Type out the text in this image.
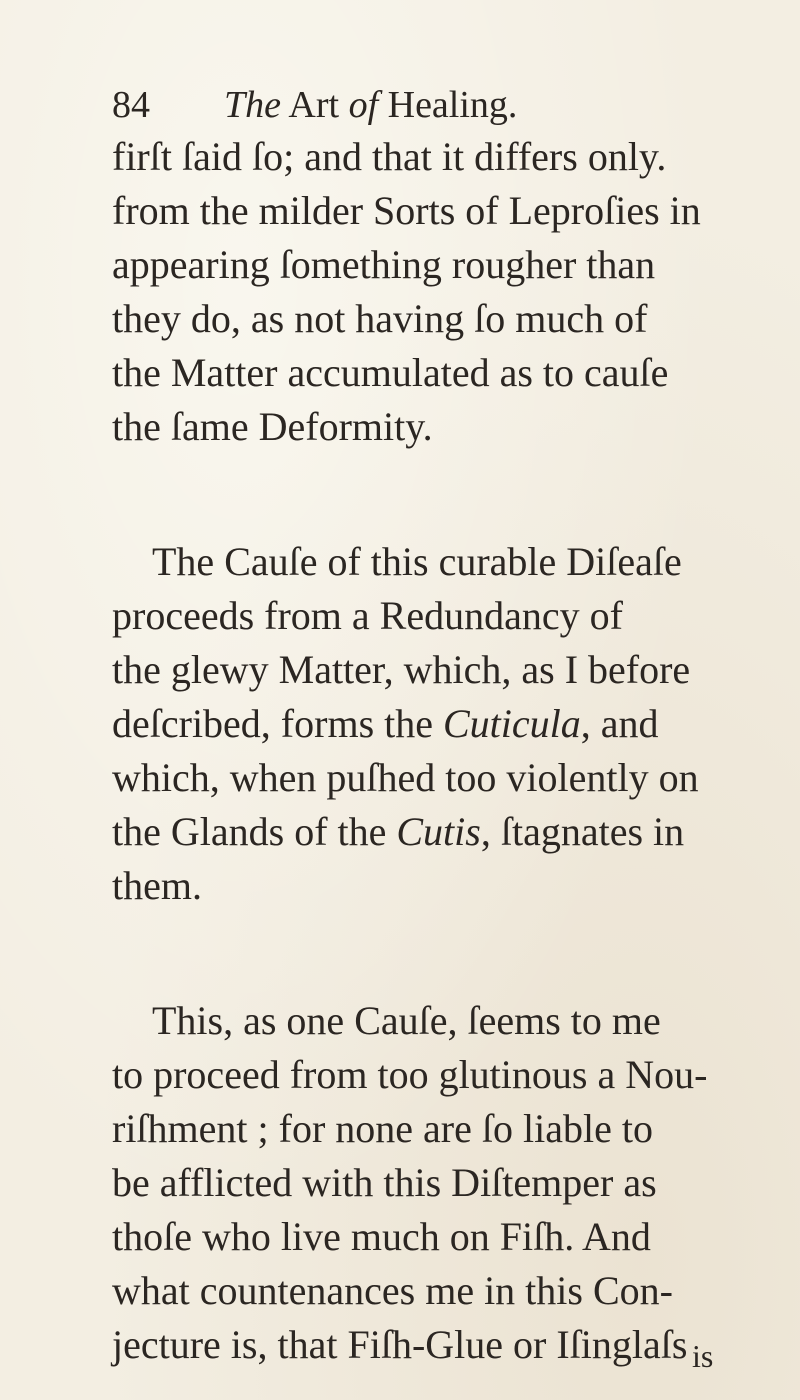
84	The Art of Healing.
firſt ſaid ſo; and that it differs only.
from the milder Sorts of Leproſies in
appearing ſomething rougher than
they do, as not having ſo much of
the Matter accumulated as to cauſe
the ſame Deformity.
The Cauſe of this curable Diſeaſe
proceeds from a Redundancy of
the glewy Matter, which, as I before
deſcribed, forms the Cuticula, and
which, when puſhed too violently on
the Glands of the Cutis, ſtagnates in
them.
This, as one Cauſe, ſeems to me
to proceed from too glutinous a Nou-
riſhment ; for none are ſo liable to
be afflicted with this Diſtemper as
thoſe who live much on Fiſh. And
what countenances me in this Con-
jecture is, that Fiſh-Glue or Iſinglaſs is
